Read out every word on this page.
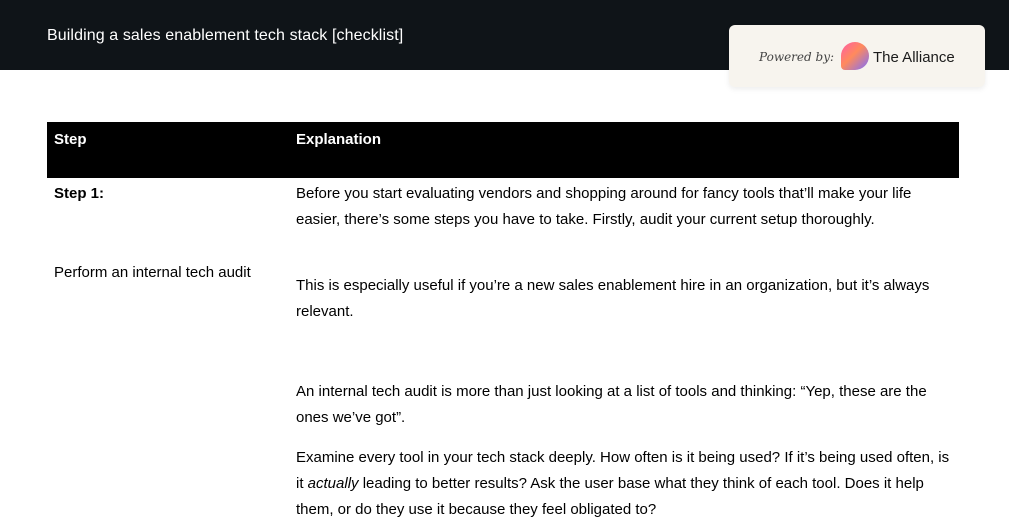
Building a sales enablement tech stack [checklist]
Powered by:	The Alliance
Step	Explanation
Step 1:
Perform an internal tech audit

Before you start evaluating vendors and shopping around for fancy tools that’ll make your life easier, there’s some steps you have to take. Firstly, audit your current setup thoroughly.

This is especially useful if you’re a new sales enablement hire in an organization, but it’s always relevant.

An internal tech audit is more than just looking at a list of tools and thinking: “Yep, these are the ones we’ve got”.

Examine every tool in your tech stack deeply. How often is it being used? If it’s being used often, is it actually leading to better results? Ask the user base what they think of each tool. Does it help them, or do they use it because they feel obligated to?
